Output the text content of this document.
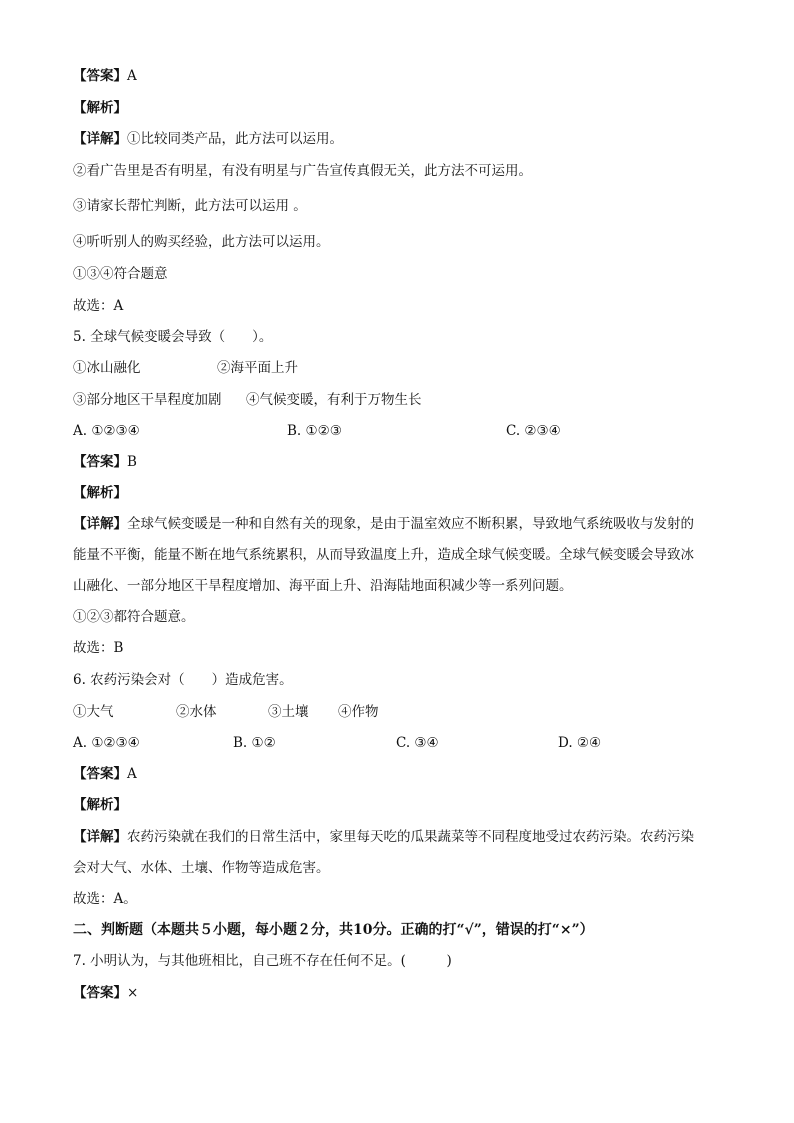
【答案】A

【解析】

【详解】①比较同类产品，此方法可以运用。

②看广告里是否有明星，有没有明星与广告宣传真假无关，此方法不可运用。

③请家长帮忙判断，此方法可以运用 。

④听听别人的购买经验，此方法可以运用。

①③④符合题意

故选：A

5. 全球气候变暖会导致（　　）。

①冰山融化	②海平面上升

③部分地区干旱程度加剧 ④气候变暖，有利于万物生长

A. ①②③④	B. ①②③	C. ②③④

【答案】B

【解析】

【详解】全球气候变暖是一种和自然有关的现象，是由于温室效应不断积累，导致地气系统吸收与发射的

能量不平衡，能量不断在地气系统累积，从而导致温度上升，造成全球气候变暖。全球气候变暖会导致冰

山融化、一部分地区干旱程度增加、海平面上升、沿海陆地面积减少等一系列问题。

①②③都符合题意。

故选：B

6. 农药污染会对（　　）造成危害。

①大气	②水体	③土壤 ④作物

A. ①②③④	B. ①②	C. ③④	D. ②④

【答案】A

【解析】

【详解】农药污染就在我们的日常生活中，家里每天吃的瓜果蔬菜等不同程度地受过农药污染。农药污染

会对大气、水体、土壤、作物等造成危害。

故选：A。

二、判断题（本题共５小题，每小题２分，共10分。正确的打“√”，错误的打“×”）

7. 小明认为，与其他班相比，自己班不存在任何不足。(　　　)

【答案】×
